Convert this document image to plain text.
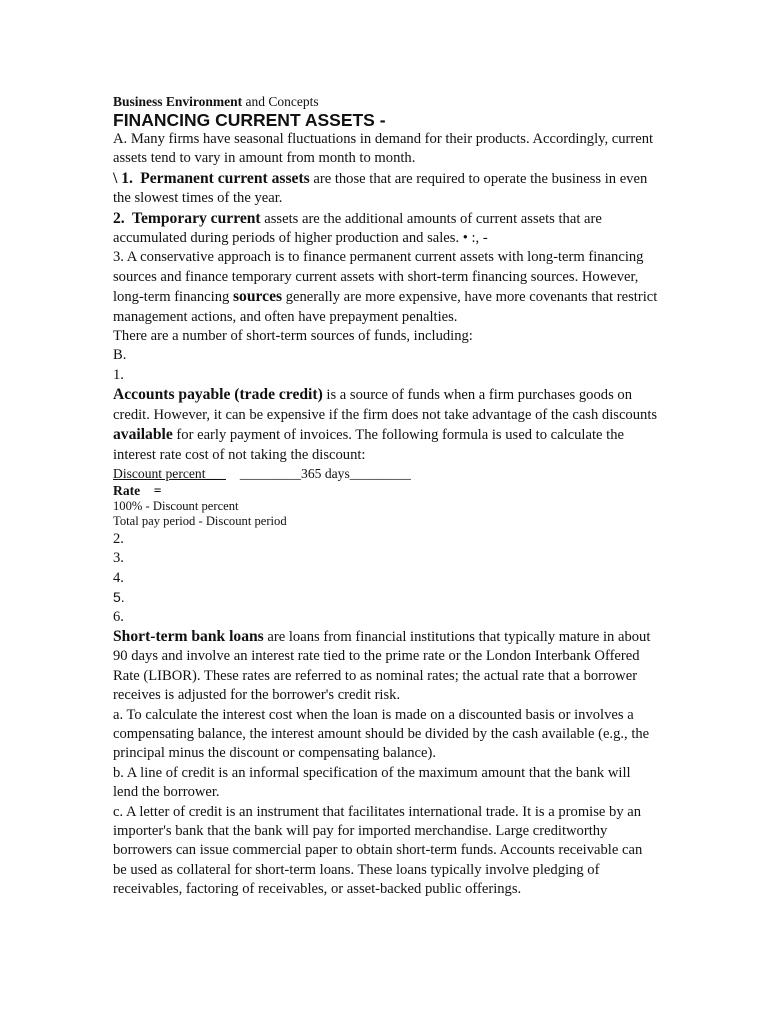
Business Environment and Concepts

FINANCING CURRENT ASSETS -

A. Many firms have seasonal fluctuations in demand for their products. Accordingly, current assets tend to vary in amount from month to month.

\ 1. Permanent current assets are those that are required to operate the business in even the slowest times of the year.

2. Temporary current assets are the additional amounts of current assets that are accumulated during periods of higher production and sales. • :, -

3. A conservative approach is to finance permanent current assets with long-term financing sources and finance temporary current assets with short-term financing sources. However, long-term financing sources generally are more expensive, have more covenants that restrict management actions, and often have prepayment penalties.

There are a number of short-term sources of funds, including:

B.

1.

Accounts payable (trade credit) is a source of funds when a firm purchases goods on credit. However, it can be expensive if the firm does not take advantage of the cash discounts available for early payment of invoices. The following formula is used to calculate the interest rate cost of not taking the discount:

Discount percent___ _________365 days_________

Rate =

100% - Discount percent

Total pay period - Discount period

2.

3.

4.

5.

6.

Short-term bank loans are loans from financial institutions that typically mature in about 90 days and involve an interest rate tied to the prime rate or the London Interbank Offered Rate (LIBOR). These rates are referred to as nominal rates; the actual rate that a borrower receives is adjusted for the borrower's credit risk.

a. To calculate the interest cost when the loan is made on a discounted basis or involves a compensating balance, the interest amount should be divided by the cash available (e.g., the principal minus the discount or compensating balance).

b. A line of credit is an informal specification of the maximum amount that the bank will lend the borrower.

c. A letter of credit is an instrument that facilitates international trade. It is a promise by an importer's bank that the bank will pay for imported merchandise. Large creditworthy borrowers can issue commercial paper to obtain short-term funds. Accounts receivable can be used as collateral for short-term loans. These loans typically involve pledging of receivables, factoring of receivables, or asset-backed public offerings.
